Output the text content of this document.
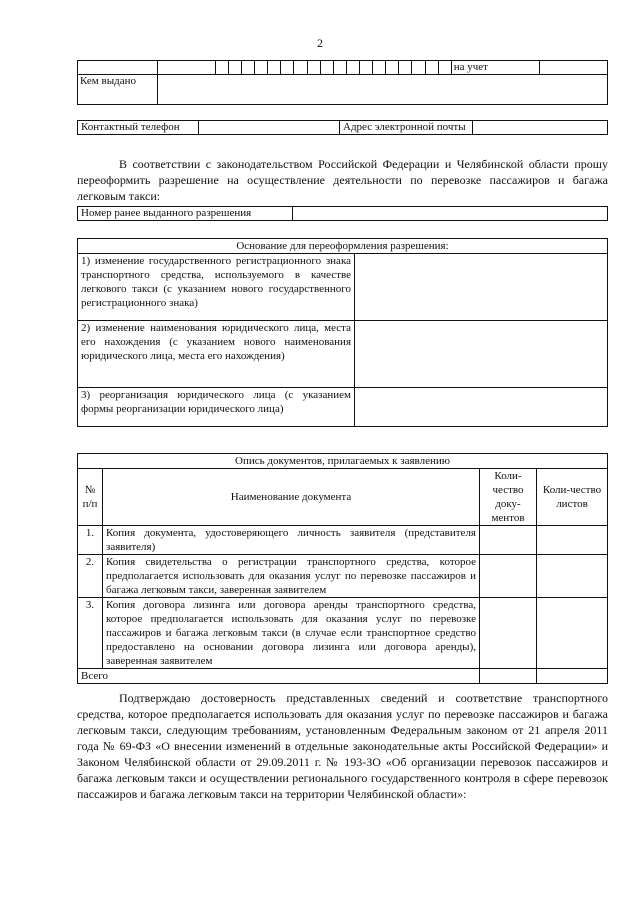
2
																				на учет	
Кем выдано																					
Контактный телефон		Адрес электронной почты	
В соответствии с законодательством Российской Федерации и Челябинской области прошу переоформить разрешение на осуществление деятельности по перевозке пассажиров и багажа легковым такси:
Номер ранее выданного разрешения	
Основание для переоформления разрешения:	
1) изменение государственного регистрационного знака транспортного средства, используемого в качестве легкового такси (с указанием нового государственного регистрационного знака)	
2) изменение наименования юридического лица, места его нахождения (с указанием нового наименования юридического лица, места его нахождения)	
3) реорганизация юридического лица (с указанием формы реорганизации юридического лица)	
Опись документов, прилагаемых к заявлению			
№ п/п	Наименование документа	Коли-чество доку-ментов	Коли-чество листов
1.	Копия документа, удостоверяющего личность заявителя (представителя заявителя)		
2.	Копия свидетельства о регистрации транспортного средства, которое предполагается использовать для оказания услуг по перевозке пассажиров и багажа легковым такси, заверенная заявителем		
3.	Копия договора лизинга или договора аренды транспортного средства, которое предполагается использовать для оказания услуг по перевозке пассажиров и багажа легковым такси (в случае если транспортное средство предоставлено на основании договора лизинга или договора аренды), заверенная заявителем		
Всего			
Подтверждаю достоверность представленных сведений и соответствие транспортного средства, которое предполагается использовать для оказания услуг по перевозке пассажиров и багажа легковым такси, следующим требованиям, установленным Федеральным законом от 21 апреля 2011 года № 69-ФЗ «О внесении изменений в отдельные законодательные акты Российской Федерации» и Законом Челябинской области от 29.09.2011 г. № 193-ЗО «Об организации перевозок пассажиров и багажа легковым такси и осуществлении регионального государственного контроля в сфере перевозок пассажиров и багажа легковым такси на территории Челябинской области»:
